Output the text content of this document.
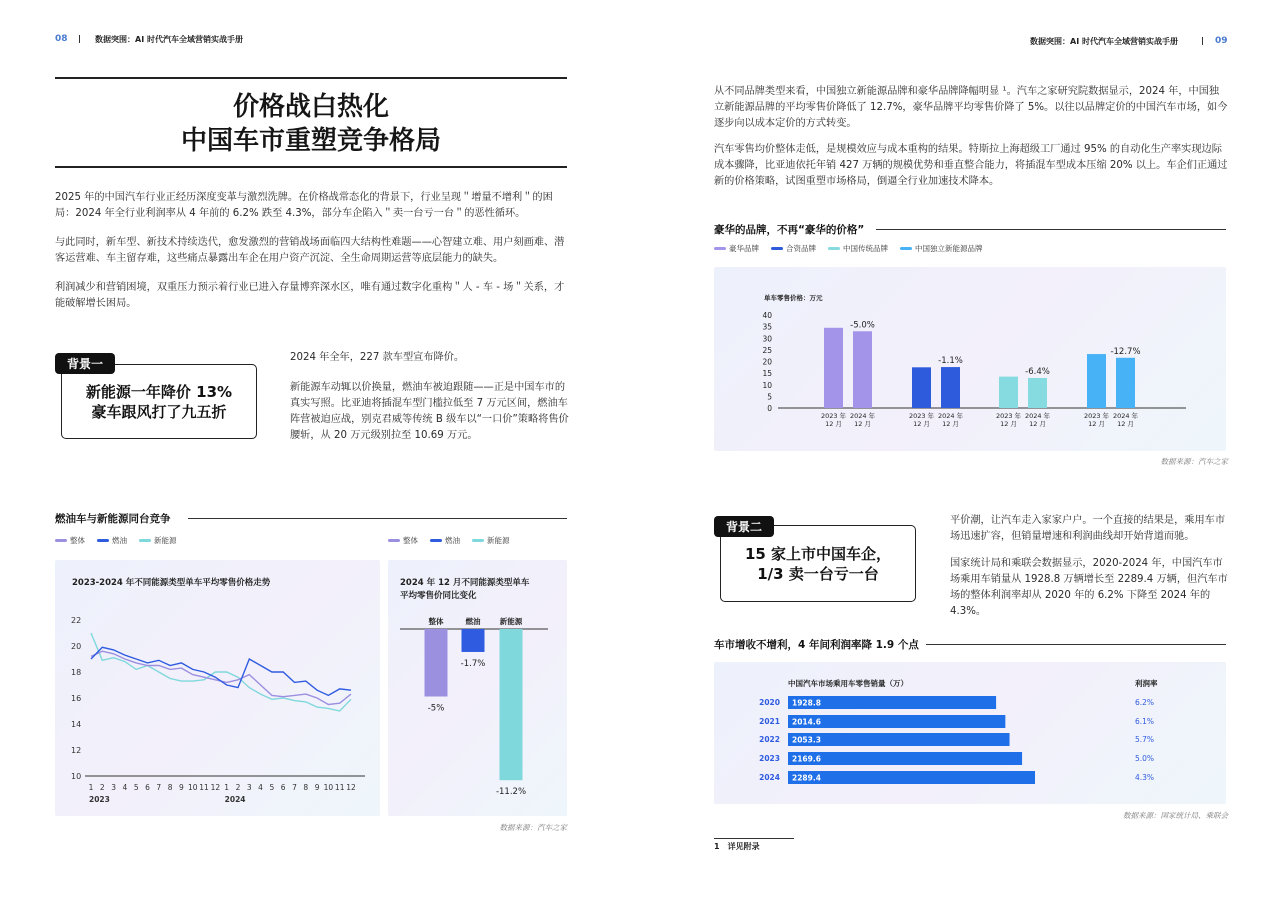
08	数据突围：AI 时代汽车全域营销实战手册	数据突围：AI 时代汽车全域营销实战手册	09
价格战白热化
中国车市重塑竞争格局
2025 年的中国汽车行业正经历深度变革与激烈洗牌。在价格战常态化的背景下，行业呈现＂增量不增利＂的困局：2024 年全行业利润率从 4 年前的 6.2% 跌至 4.3%，部分车企陷入＂卖一台亏一台＂的恶性循环。
与此同时，新车型、新技术持续迭代，愈发激烈的营销战场面临四大结构性难题——心智建立难、用户刻画难、潜客运营难、车主留存难，这些痛点暴露出车企在用户资产沉淀、全生命周期运营等底层能力的缺失。
利润减少和营销困境，双重压力预示着行业已进入存量博弈深水区，唯有通过数字化重构＂人 - 车 - 场＂关系，才能破解增长困局。
新能源一年降价 13%
豪车跟风打了九五折
背景一	2024 年全年，227 款车型宣布降价。
新能源车动辄以价换量，燃油车被迫跟随——正是中国车市的真实写照。比亚迪将插混车型门槛拉低至 7 万元区间，燃油车阵营被迫应战，别克君威等传统 B 级车以“一口价”策略将售价腰斩，从 20 万元级别拉至 10.69 万元。
燃油车与新能源同台竞争
整体	燃油	新能源	整体	燃油	新能源
2023-2024 年不同能源类型单车平均零售价格走势
10
12
14
16
18
20
22
1 2 3 4 5 6 7 8 9 10 11 12 1 2 3 4 5 6 7 8 9 10 11 12
2023	2024
2024 年 12 月不同能源类型单车
平均零售价同比变化
整体
-5%
燃油
-1.7%
新能源
-11.2%
数据来源：汽车之家
从不同品牌类型来看，中国独立新能源品牌和豪华品牌降幅明显 ¹。汽车之家研究院数据显示，2024 年，中国独立新能源品牌的平均零售价降低了 12.7%，豪华品牌平均零售价降了 5%。以往以品牌定价的中国汽车市场，如今逐步向以成本定价的方式转变。
汽车零售均价整体走低，是规模效应与成本重构的结果。特斯拉上海超级工厂通过 95% 的自动化生产率实现边际成本骤降，比亚迪依托年销 427 万辆的规模优势和垂直整合能力，将插混车型成本压缩 20% 以上。车企们正通过新的价格策略，试图重塑市场格局，倒逼全行业加速技术降本。
豪华的品牌，不再“豪华的价格”
豪华品牌	合资品牌	中国传统品牌	中国独立新能源品牌
单车零售价格：万元
0
5
10
15
20
25
30
35
40
2023 年
12 月
2024 年
12 月
-5.0%
2023 年
12 月
2024 年
12 月
-1.1%
2023 年
12 月
2024 年
12 月
-6.4%
2023 年
12 月
2024 年
12 月
-12.7%
数据来源：汽车之家
15 家上市中国车企，
1/3 卖一台亏一台
背景二	平价潮，让汽车走入家家户户。一个直接的结果是，乘用车市场迅速扩容，但销量增速和利润曲线却开始背道而驰。
国家统计局和乘联会数据显示，2020-2024 年，中国汽车市场乘用车销量从 1928.8 万辆增长至 2289.4 万辆，但汽车市场的整体利润率却从 2020 年的 6.2% 下降至 2024 年的 4.3%。
车市增收不增利，4 年间利润率降 1.9 个点
中国汽车市场乘用车零售销量（万）	利润率
2020 1928.8	6.2%
2021 2014.6	6.1%
2022 2053.3	5.7%
2023 2169.6	5.0%
2024 2289.4	4.3%
数据来源：国家统计局、乘联会
1　详见附录
